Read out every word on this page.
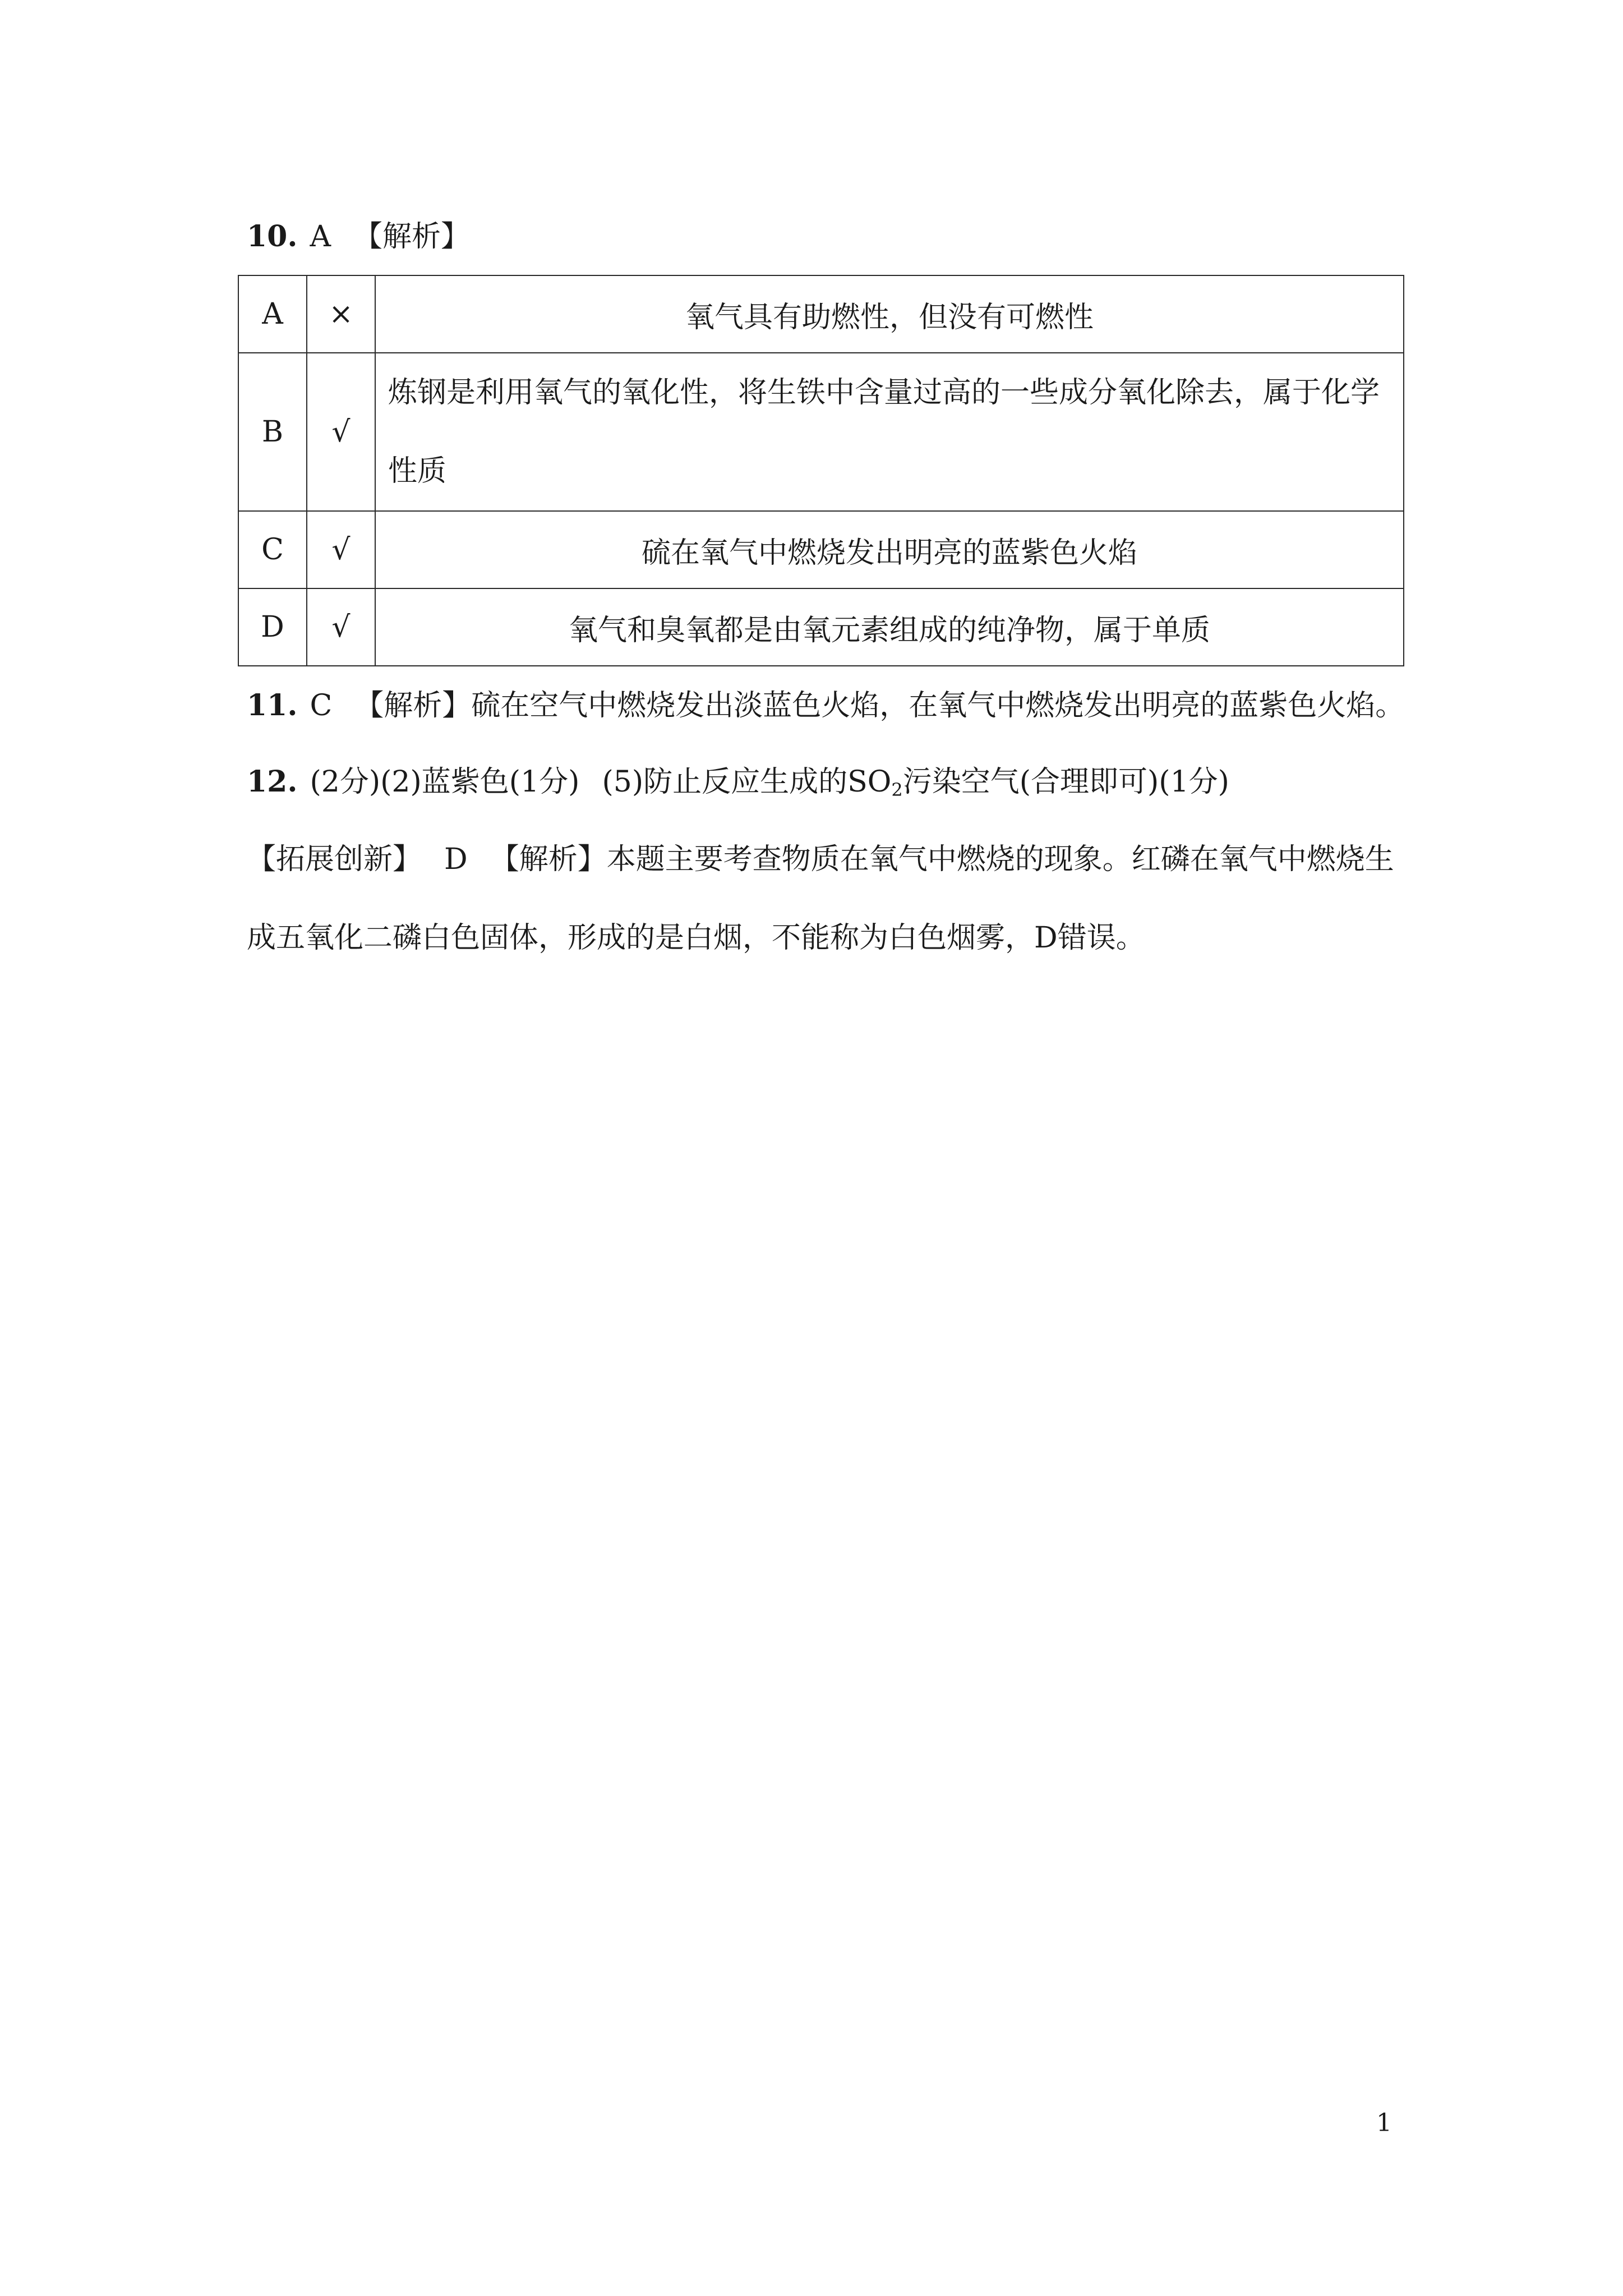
10. A 【解析】
A	×	氧气具有助燃性，但没有可燃性
B	√	炼钢是利用氧气的氧化性，将生铁中含量过高的一些成分氧化除去，属于化学性质
C	√	硫在氧气中燃烧发出明亮的蓝紫色火焰
D	√	氧气和臭氧都是由氧元素组成的纯净物，属于单质
11. C 【解析】硫在空气中燃烧发出淡蓝色火焰，在氧气中燃烧发出明亮的蓝紫色火焰。
12. (2分)(2)蓝紫色(1分) (5)防止反应生成的$SO_2$污染空气(合理即可)(1分)
【拓展创新】 D 【解析】本题主要考查物质在氧气中燃烧的现象。红磷在氧气中燃烧生
成五氧化二磷白色固体，形成的是白烟，不能称为白色烟雾，D错误。
1
